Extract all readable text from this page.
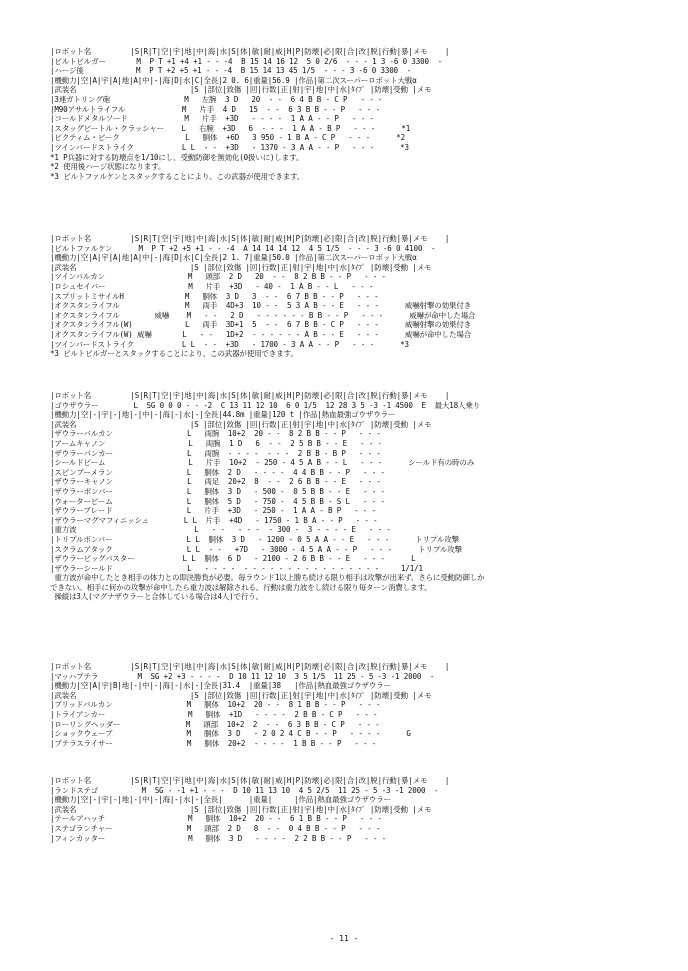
|ロボット名         |S|R|T|空|宇|地|中|海|水|S|体|敏|耐|威|H|P|防壊|必|限|合|改|脱|行動|暴|メモ    |
|ビルトビルガー       M  P T +1 +4 +1 - - -4  B 15 14 16 12  5 0 2/6  - - - 1 3 -6 0 3300  -
|ハージ後            M  P T +2 +5 +1 - - -4  B 15 14 13 45 1/5  - - - 3 -6 0 3300  -
|機動力|空|A|宇|A|地|A|中|-|海|D|水|C|全長|2 0. 6|重量|56.9 |作品|第二次スーパーロボット大戦α
|武装名                          |S |部位|致傷 |回|行数|正|射|宇|地|中|水|ﾀｲﾌﾟ |防壊|受動 |メモ
|3連ガトリング砲                 M   左腕  3 D   20  - -  6 4 B B - C P   - - -
|M90アサルトライフル             M   片手  4 D   15  - -  6 3 B B - - P   - - -
|コールドメタルソード             M   片手  +3D   - - - -  1 A A - - P   - - -
|スタッグビートル・クラッシャー    L   右腕  +3D   6  - - -  1 A A - B P   - - -      *1
|ピクティム・ビーク               L   胴体  +6D   3 950 - 1 B A - C P   - - -      *2
|ツインバードストライク           L L  - -  +3D   - 1370 - 3 A A - - P   - - -      *3
*1 P兵器に対する防壊点を1/10にし、受動防御を無効化(0扱いに)します。
*2 使用後ハージ状態になります。
*3 ビルトファルケンとスタックすることにより、この武器が使用できます。
|ロボット名         |S|R|T|空|宇|地|中|海|水|S|体|敏|耐|威|H|P|防壊|必|限|合|改|脱|行動|暴|メモ    |
|ビルトファルケン      M  P T +2 +5 +1 - - -4  A 14 14 14 12  4 5 1/5  - - - 3 -6 0 4100  -
|機動力|空|A|宇|A|地|A|中|-|海|D|水|C|全長|2 1. 7|重量|50.0 |作品|第二次スーパーロボット大戦α
|武装名                          |S |部位|致傷 |回|行数|正|射|宇|地|中|水|ﾀｲﾌﾟ |防壊|受動 |メモ
|ツインバルカン                   M   頭部  2 D   20  - -  8 2 B B - - P   - - -
|ロシュセイバー                   M   片手  +3D   - 40 -  1 A B - - L   - - -
|スプリットミサイルH              M   胴体  3 D   3  - -  6 7 B B - - P   - - -
|オクスタンライフル               M   両手  4D+3  10 - -  5 3 A B - - E   - - -      威嚇射撃の効果付き
|オクスタンライフル        威嚇    M   - -   2 D   - - - - - - B B - - P   - - -      威嚇が命中した場合
|オクスタンライフル(W)            L   両手  3D+1  5  - -  6 7 B B - C P   - - -      威嚇射撃の効果付き
|オクスタンライフル(W) 威嚇       L   - -   1D+2  - - - - - - A B - - E   - - -      威嚇が命中した場合
|ツインバードストライク           L L  - -  +3D   - 1700 - 3 A A - - P   - - -      *3
*3 ビルトビルガーとスタックすることにより、この武器が使用できます。
|ロボット名         |S|R|T|空|宇|地|中|海|水|S|体|敏|耐|威|H|P|防壊|必|限|合|改|脱|行動|暴|メモ    |
|ゴウザウラー        L  SG 0 0 0 - - -2  C 13 11 12 10  6 0 1/5  12 28 3 5 -3 -1 4500  E  最大18人乗り
|機動力|空|-|宇|-|地|-|中|-|海|-|水|-|全長|44.8m |重量|120 t |作品|熱血最強ゴウザウラー
|武装名                          |S |部位|致傷 |回|行数|正|射|宇|地|中|水|ﾀｲﾌﾟ |防壊|受動 |メモ
|ザウラーバルカン                 L   両腕  10+2  20 - -  8 2 B B - - P   - - -
|アームキャノン                   L   両腕  1 D   6  - -  2 5 B B - - E   - - -
|ザウラーバンカー                 L   両腕  - - - -  - - -  2 B B - B P   - - -
|シールドビーム                   L   片手  10+2  - 250 - 4 5 A B - - L   - - -      シールド有の時のみ
|スピンブーメラン                 L   胴体  2 D   - - - -  4 4 B B - - P   - - -
|ザウラーキャノン                 L   両足  20+2  8  - -  2 6 B B - - E   - - -
|ザウラーボンバー                 L   胴体  3 D   - 500 -  0 5 B B - - E   - - -
|ウォータービーム                 L   胴体  5 D   - 750 -  4 5 B B - S L   - - -
|ザウラーブレード                 L   片手  +3D   - 250 -  1 A A - B P   - - -
|ザウラーマグマフィニッシュ        L L  片手  +4D   - 1750 - 1 B A - - P   - - -
|重力波                           L   - -   - - -  - 300 -  3 - - - - E   - - -
|トリプルボンバー                 L L  胴体  3 D   - 1200 - 0 5 A A - - E   - - -      トリプル攻撃
|スクラムアタック                 L L  - -   +7D   - 3000 - 4 5 A A - - P   - - -      トリプル攻撃
|ザウラービッグバスター           L L  胴体  6 D   - 2100 - 2 6 B B - - E   - - -      L
|ザウラーシールド                 L   - - - -  - - - - - - - - - - - - - - - -     1/1/1
重力波が命中したとき相手の体力との即決勝負が必要。毎ラウンド1以上勝ち続ける限り相手は攻撃が出来ず、さらに受動防御しか
できない。相手に何かの攻撃が命中したら重力波は解除される。行動は重力波をし続ける限り毎ターン消費します。
操縦は3人(マグナザウラーと合体している場合は4人)で行う。
|ロボット名         |S|R|T|空|宇|地|中|海|水|S|体|敏|耐|威|H|P|防壊|必|限|合|改|脱|行動|暴|メモ    |
|マッハプテラ         M  SG +2 +3 - - - -  D 10 11 12 10  3 5 1/5  11 25 - 5 -3 -1 2000  -
|機動力|空|A|宇|B|地|-|中|-|海|-|水|-|全長|31.4  |重量|38   |作品|熱血最強ゴウザウラー
|武装名                          |S |部位|致傷 |回|行数|正|射|宇|地|中|水|ﾀｲﾌﾟ |防壊|受動 |メモ
|ブリッドバルカン                 M   胴体  10+2  20 - -  8 1 B B - - P   - - -
|トライアンカー                   M   胴体  +1D   - - - -  2 B B - C P   - - -
|ローリングヘッダー               M   頭部  10+2  2  - -  6 3 B B - C P   - - -
|ショックウェーブ                 M   胴体  3 D   - 2 0 2 4 C B - - P   - - - -      G
|プテラスライサー                 M   胴体  20+2  - - - -  1 B B - - P   - - -
|ロボット名         |S|R|T|空|宇|地|中|海|水|S|体|敏|耐|威|H|P|防壊|必|限|合|改|脱|行動|暴|メモ    |
|ランドステゴ          M  SG - -1 +1 - - -  D 10 11 13 10  4 5 2/5  11 25 - 5 -3 -1 2000  -
|機動力|空|-|宇|-|地|-|中|-|海|-|水|-|全長|      |重量|     |作品|熱血最強ゴウザウラー
|武装名                          |S |部位|致傷 |回|行数|正|射|宇|地|中|水|ﾀｲﾌﾟ |防壊|受動 |メモ
|テールアハッチ                   M   胴体  10+2  20 - -  6 1 B B - - P   - - -
|ステゴランチャー                 M   頭部  2 D   8  - -  0 4 B B - - P   - - -
|フィンカッター                   M   胴体  3 D   - - - -  2 2 B B - - P   - - -
- 11 -
